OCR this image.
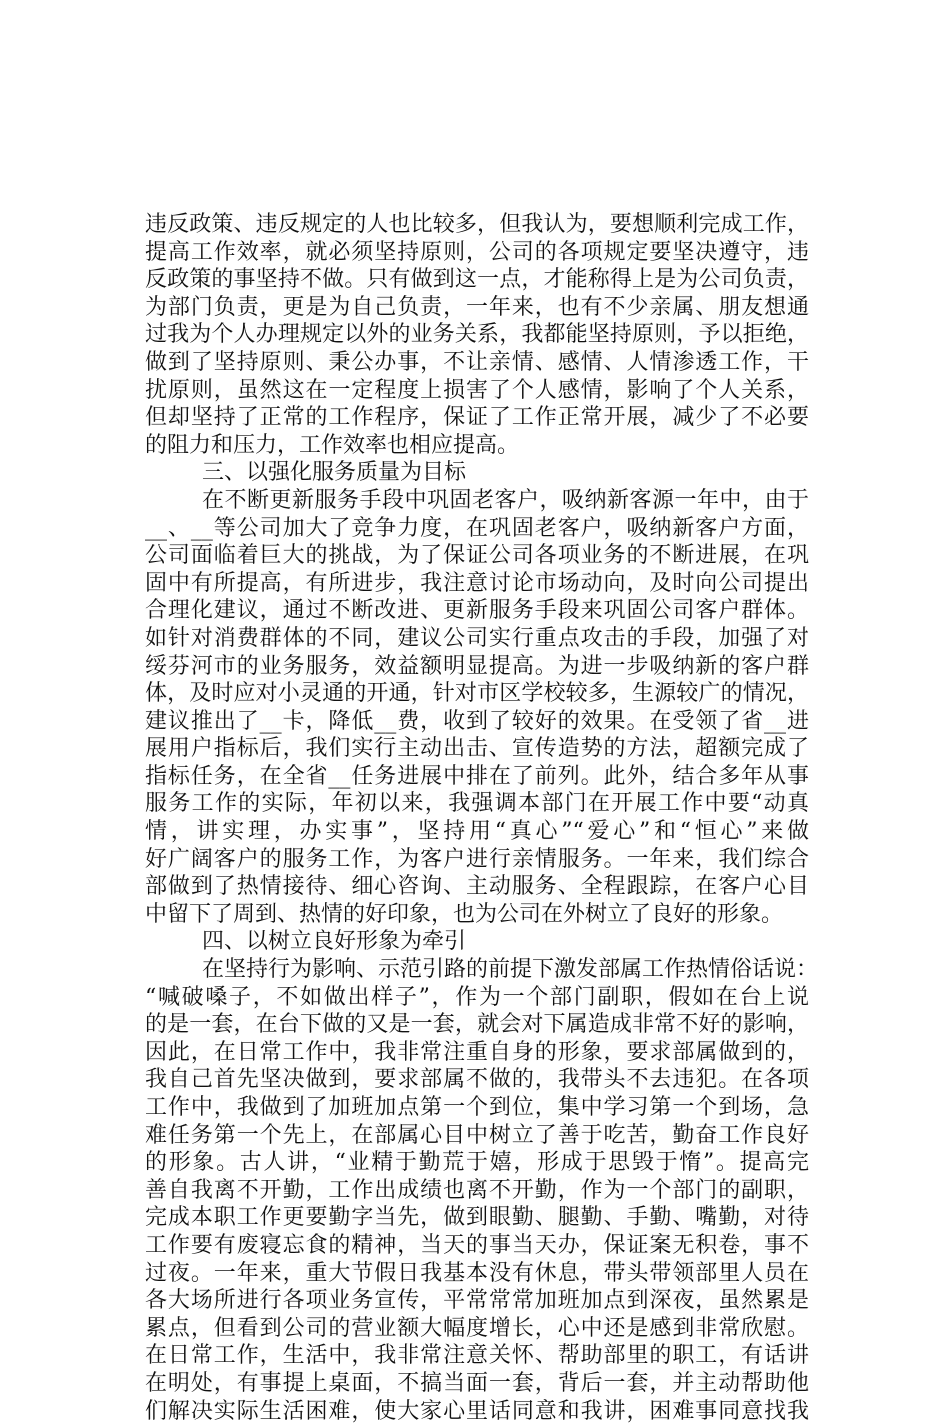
违反政策、违反规定的人也比较多，但我认为，要想顺利完成工作，
提高工作效率，就必须坚持原则，公司的各项规定要坚决遵守，违
反政策的事坚持不做。只有做到这一点，才能称得上是为公司负责，
为部门负责，更是为自己负责，一年来，也有不少亲属、朋友想通
过我为个人办理规定以外的业务关系，我都能坚持原则，予以拒绝，
做到了坚持原则、秉公办事，不让亲情、感情、人情渗透工作，干
扰原则，虽然这在一定程度上损害了个人感情，影响了个人关系，
但却坚持了正常的工作程序，保证了工作正常开展，减少了不必要
的阻力和压力，工作效率也相应提高。
三、以强化服务质量为目标
在不断更新服务手段中巩固老客户，吸纳新客源一年中，由于
__、__等公司加大了竞争力度，在巩固老客户，吸纳新客户方面，
公司面临着巨大的挑战，为了保证公司各项业务的不断进展，在巩
固中有所提高，有所进步，我注意讨论市场动向，及时向公司提出
合理化建议，通过不断改进、更新服务手段来巩固公司客户群体。
如针对消费群体的不同，建议公司实行重点攻击的手段，加强了对
绥芬河市的业务服务，效益额明显提高。为进一步吸纳新的客户群
体，及时应对小灵通的开通，针对市区学校较多，生源较广的情况，
建议推出了__卡，降低__费，收到了较好的效果。在受领了省__进
展用户指标后，我们实行主动出击、宣传造势的方法，超额完成了
指标任务，在全省__任务进展中排在了前列。此外，结合多年从事
服务工作的实际，年初以来，我强调本部门在开展工作中要“动真
情，讲实理，办实事”，坚持用“真心”“爱心”和“恒心”来做
好广阔客户的服务工作，为客户进行亲情服务。一年来，我们综合
部做到了热情接待、细心咨询、主动服务、全程跟踪，在客户心目
中留下了周到、热情的好印象，也为公司在外树立了良好的形象。
四、以树立良好形象为牵引
在坚持行为影响、示范引路的前提下激发部属工作热情俗话说：
“喊破嗓子，不如做出样子”，作为一个部门副职，假如在台上说
的是一套，在台下做的又是一套，就会对下属造成非常不好的影响，
因此，在日常工作中，我非常注重自身的形象，要求部属做到的，
我自己首先坚决做到，要求部属不做的，我带头不去违犯。在各项
工作中，我做到了加班加点第一个到位，集中学习第一个到场，急
难任务第一个先上，在部属心目中树立了善于吃苦，勤奋工作良好
的形象。古人讲，“业精于勤荒于嬉，形成于思毁于惰”。提高完
善自我离不开勤，工作出成绩也离不开勤，作为一个部门的副职，
完成本职工作更要勤字当先，做到眼勤、腿勤、手勤、嘴勤，对待
工作要有废寝忘食的精神，当天的事当天办，保证案无积卷，事不
过夜。一年来，重大节假日我基本没有休息，带头带领部里人员在
各大场所进行各项业务宣传，平常常常加班加点到深夜，虽然累是
累点，但看到公司的营业额大幅度增长，心中还是感到非常欣慰。
在日常工作，生活中，我非常注意关怀、帮助部里的职工，有话讲
在明处，有事提上桌面，不搞当面一套，背后一套，并主动帮助他
们解决实际生活困难，使大家心里话同意和我讲，困难事同意找我
